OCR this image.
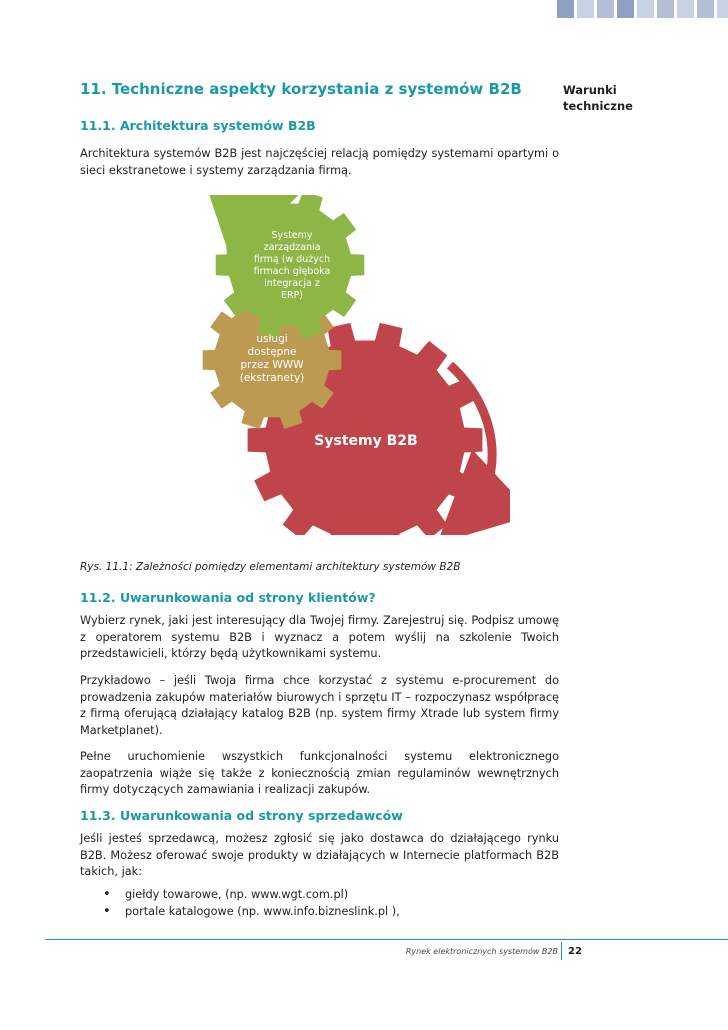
11. Techniczne aspekty korzystania z systemów B2B	Warunki
techniczne
11.1. Architektura systemów B2B

Architektura systemów B2B jest najczęściej relacją pomiędzy systemami opartymi o sieci ekstranetowe i systemy zarządzania firmą.

usługi
dostępne
przez WWW
(ekstranety)
Systemy
zarządzania
firmą (w dużych
firmach głęboka
integracja z
ERP)
Systemy B2B
Rys. 11.1: Zależności pomiędzy elementami architektury systemów B2B
11.2. Uwarunkowania od strony klientów?

Wybierz rynek, jaki jest interesujący dla Twojej firmy. Zarejestruj się. Podpisz umowę z operatorem systemu B2B i wyznacz a potem wyślij na szkolenie Twoich przedstawicieli, którzy będą użytkownikami systemu.

Przykładowo – jeśli Twoja firma chce korzystać z systemu e-procurement do prowadzenia zakupów materiałów biurowych i sprzętu IT – rozpoczynasz współpracę z firmą oferującą działający katalog B2B (np. system firmy Xtrade lub system firmy Marketplanet).

Pełne uruchomienie wszystkich funkcjonalności systemu elektronicznego zaopatrzenia wiąże się także z koniecznością zmian regulaminów wewnętrznych firmy dotyczących zamawiania i realizacji zakupów.

11.3. Uwarunkowania od strony sprzedawców

Jeśli jesteś sprzedawcą, możesz zgłosić się jako dostawca do działającego rynku B2B. Możesz oferować swoje produkty w działających w Internecie platformach B2B takich, jak:

• giełdy towarowe, (np. www.wgt.com.pl)
• portale katalogowe (np. www.info.bizneslink.pl ),
Rynek elektronicznych systemów B2B 22
